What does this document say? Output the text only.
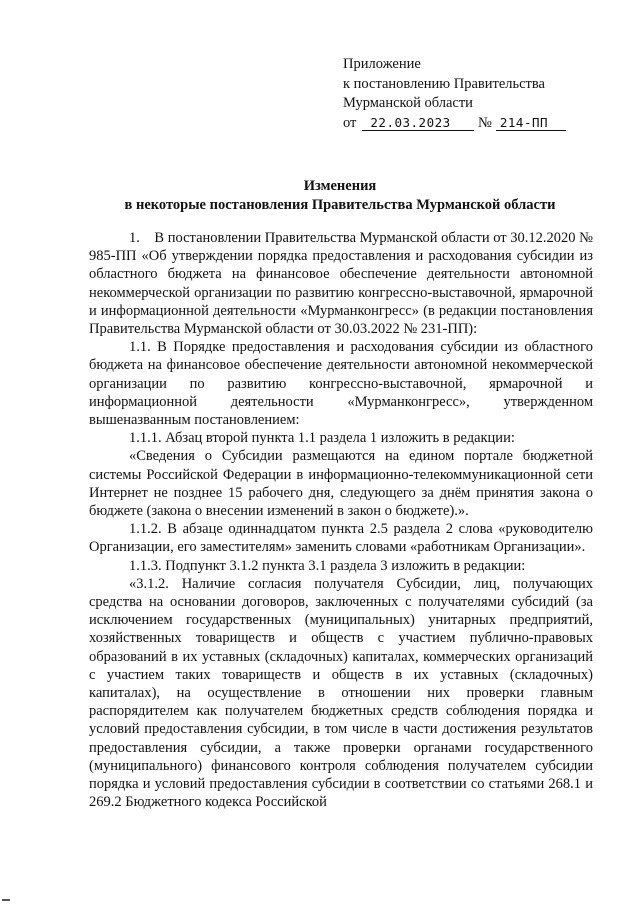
Приложение
к постановлению Правительства
Мурманской области
от 22.03.2023 № 214-ПП
Изменения
в некоторые постановления Правительства Мурманской области

1.    В постановлении Правительства Мурманской области от 30.12.2020 № 985-ПП «Об утверждении порядка предоставления и расходования субсидии из областного бюджета на финансовое обеспечение деятельности автономной некоммерческой организации по развитию конгрессно-выставочной, ярмарочной и информационной деятельности «Мурманконгресс» (в редакции постановления Правительства Мурманской области от 30.03.2022 № 231-ПП):

1.1. В Порядке предоставления и расходования субсидии из областного бюджета на финансовое обеспечение деятельности автономной некоммерческой организации по развитию конгрессно-выставочной, ярмарочной и информационной деятельности «Мурманконгресс», утвержденном вышеназванным постановлением:

1.1.1. Абзац второй пункта 1.1 раздела 1 изложить в редакции:

«Сведения о Субсидии размещаются на едином портале бюджетной системы Российской Федерации в информационно-телекоммуникационной сети Интернет не позднее 15 рабочего дня, следующего за днём принятия закона о бюджете (закона о внесении изменений в закон о бюджете).».

1.1.2. В абзаце одиннадцатом пункта 2.5 раздела 2 слова «руководителю Организации, его заместителям» заменить словами «работникам Организации».

1.1.3. Подпункт 3.1.2 пункта 3.1 раздела 3 изложить в редакции:

«3.1.2. Наличие согласия получателя Субсидии, лиц, получающих средства на основании договоров, заключенных с получателями субсидий (за исключением государственных (муниципальных) унитарных предприятий, хозяйственных товариществ и обществ с участием публично-правовых образований в их уставных (складочных) капиталах, коммерческих организаций с участием таких товариществ и обществ в их уставных (складочных) капиталах), на осуществление в отношении них проверки главным распорядителем как получателем бюджетных средств соблюдения порядка и условий предоставления субсидии, в том числе в части достижения результатов предоставления субсидии, а также проверки органами государственного (муниципального) финансового контроля соблюдения получателем субсидии порядка и условий предоставления субсидии в соответствии со статьями 268.1 и 269.2 Бюджетного кодекса Российской
